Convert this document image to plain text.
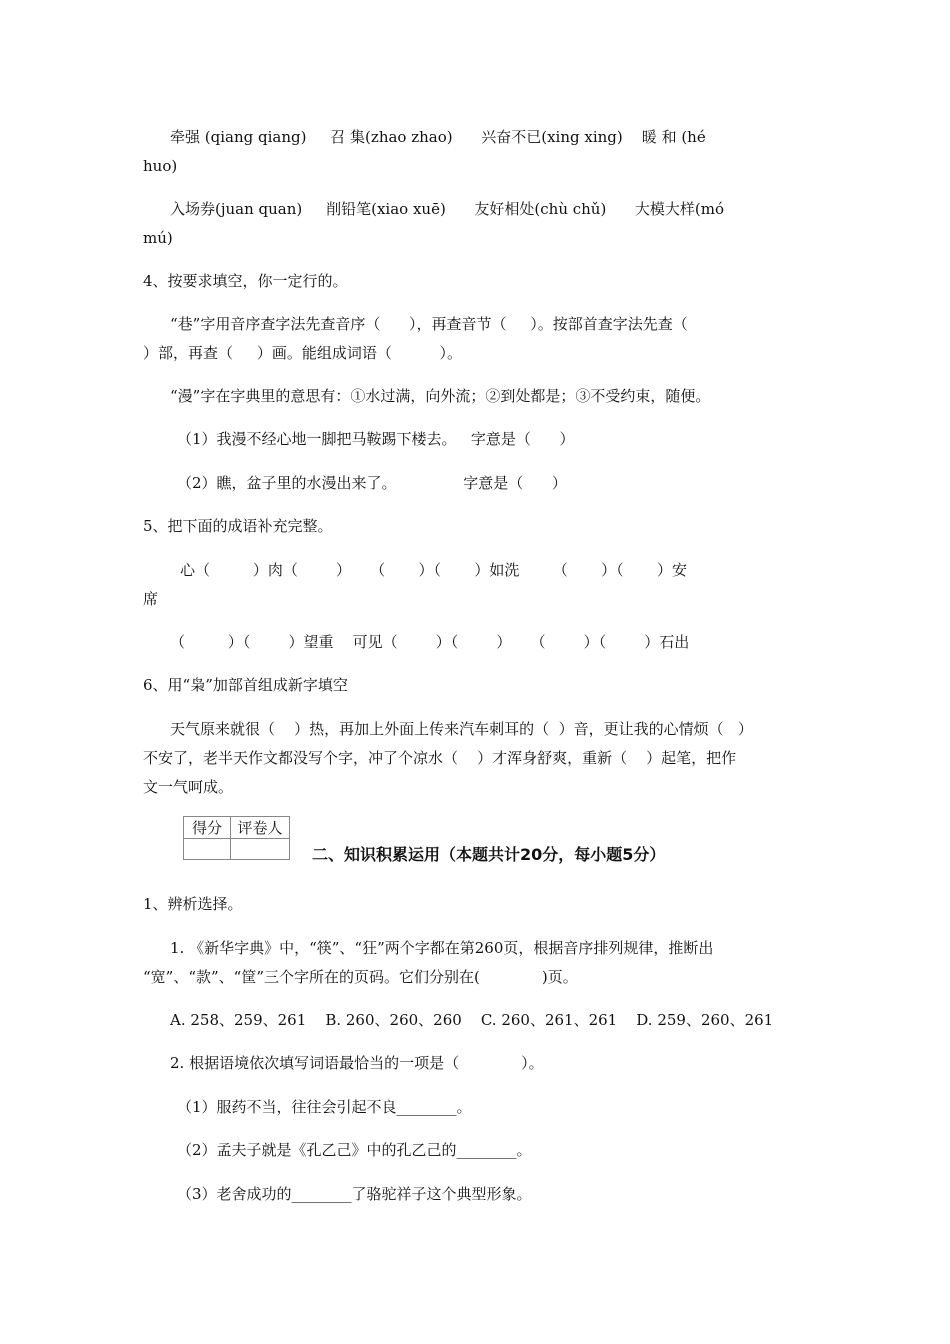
牵强 (qiang qiang)     召 集(zhao zhao)      兴奋不已(xing xing)    暖 和 (hé
huo)
入场券(juan quan)     削铅笔(xiao xuē)      友好相处(chù chǔ)      大模大样(mó
mú)
4、按要求填空，你一定行的。
“巷”字用音序查字法先查音序（      ），再查音节（     ）。按部首查字法先查（
）部，再查（     ）画。能组成词语（          ）。
“漫”字在字典里的意思有：①水过满，向外流；②到处都是；③不受约束，随便。
（1）我漫不经心地一脚把马鞍踢下楼去。   字意是（      ）
（2）瞧，盆子里的水漫出来了。              字意是（      ）
5、把下面的成语补充完整。
心（         ）肉（        ）    （       ）（       ）如洗       （       ）（       ）安
席
（         ）（        ）望重    可见（        ）（        ）    （        ）（        ）石出
6、用“枭”加部首组成新字填空
天气原来就很（    ）热，再加上外面上传来汽车刺耳的（  ）音，更让我的心情烦（   ）
不安了，老半天作文都没写个字，冲了个凉水（    ）才浑身舒爽，重新（    ）起笔，把作
文一气呵成。
得分	评卷人

二、知识积累运用（本题共计20分，每小题5分）
1、辨析选择。
1. 《新华字典》中，“筷”、“狂”两个字都在第260页，根据音序排列规律，推断出
“宽”、“款”、“筐”三个字所在的页码。它们分别在(             )页。
A. 258、259、261    B. 260、260、260    C. 260、261、261    D. 259、260、261
2. 根据语境依次填写词语最恰当的一项是（             ）。
（1）服药不当，往往会引起不良________。
（2）孟夫子就是《孔乙己》中的孔乙己的________。
（3）老舍成功的________了骆驼祥子这个典型形象。
